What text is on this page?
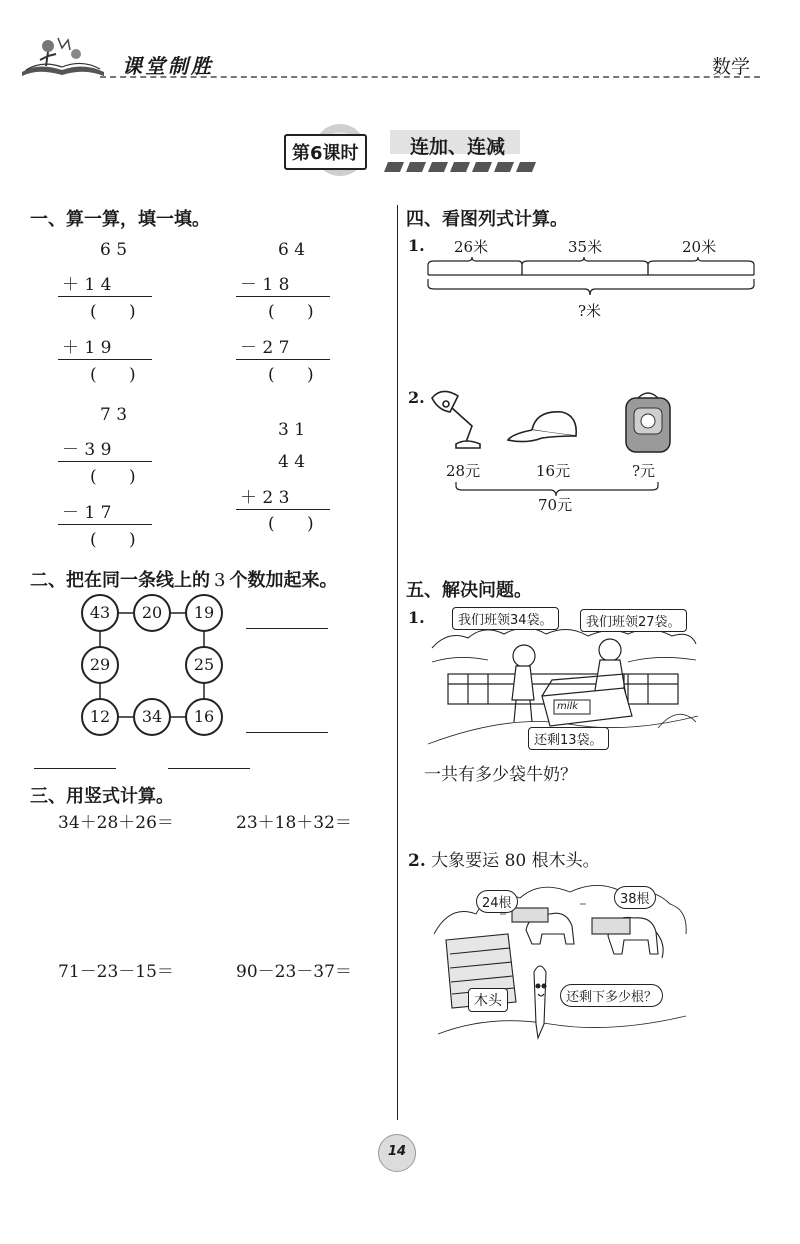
课堂制胜	数学
第6课时	连加、连减
一、算一算，填一填。
6 5
＋ 1 4
(      )
＋ 1 9
(      )
6 4
－ 1 8
(      )
－ 2 7
(      )
7 3
－ 3 9
(      )
－ 1 7
(      )
3 1
4 4
＋ 2 3
(      )
二、把在同一条线上的 3 个数加起来。
43	20	19
29	25
12	34	16
三、用竖式计算。
34＋28＋26＝	23＋18＋32＝
71－23－15＝	90－23－37＝
四、看图列式计算。
1. 26米	35米	20米
?米
2.
28元	16元	?元
70元
五、解决问题。
1.
milk
我们班领34袋。	我们班领27袋。
还剩13袋。
一共有多少袋牛奶？
2. 大象要运 80 根木头。
24根	38根
木头	还剩下多少根？
14
